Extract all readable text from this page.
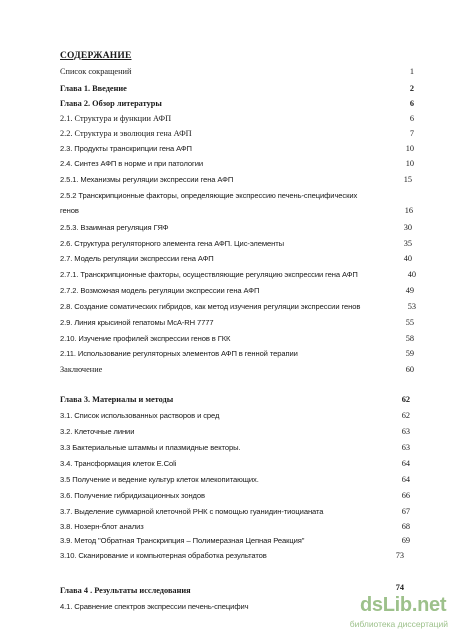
СОДЕРЖАНИЕ
Список сокращений	1
Глава 1. Введение	2
Глава 2. Обзор литературы	6
2.1. Структура и функции АФП	6
2.2. Структура и эволюция гена АФП	7
2.3. Продукты транскрипции гена АФП	10
2.4. Синтез АФП в норме и при патологии	10
2.5.1. Механизмы регуляции экспрессии гена АФП	15
2.5.2 Транскрипционные факторы, определяющие экспрессию печень-специфических
генов	16
2.5.3. Взаимная регуляция ГЯФ	30
2.6. Структура регуляторного элемента гена АФП. Цис-элементы	35
2.7. Модель регуляции экспрессии гена АФП	40
2.7.1. Транскрипционные факторы, осуществляющие регуляцию экспрессии гена АФП	40
2.7.2. Возможная модель регуляции экспрессии гена АФП	49
2.8. Создание соматических гибридов, как метод изучения регуляции экспрессии генов	53
2.9. Линия крысиной гепатомы McA-RH 7777	55
2.10. Изучение профилей экспрессии генов в ГКК	58
2.11. Использование регуляторных элементов АФП в генной терапии	59
Заключение	60
Глава 3. Материалы и методы	62
3.1. Список использованных растворов и сред	62
3.2. Клеточные линии	63
3.3 Бактериальные штаммы и плазмидные векторы.	63
3.4. Трансформация клеток E.Coli	64
3.5 Получение и ведение культур клеток млекопитающих.	64
3.6. Получение гибридизационных зондов	66
3.7. Выделение суммарной клеточной РНК с помощью гуанидин-тиоцианата	67
3.8. Нозерн-блот анализ	68
3.9. Метод "Обратная Транскрипция – Полимеразная Цепная Реакция"	69
3.10. Сканирование и компьютерная обработка результатов	73
Глава 4 . Результаты исследования	74
4.1. Сравнение спектров экспрессии печень-специфич	dsLib.net
библиотека диссертаций
